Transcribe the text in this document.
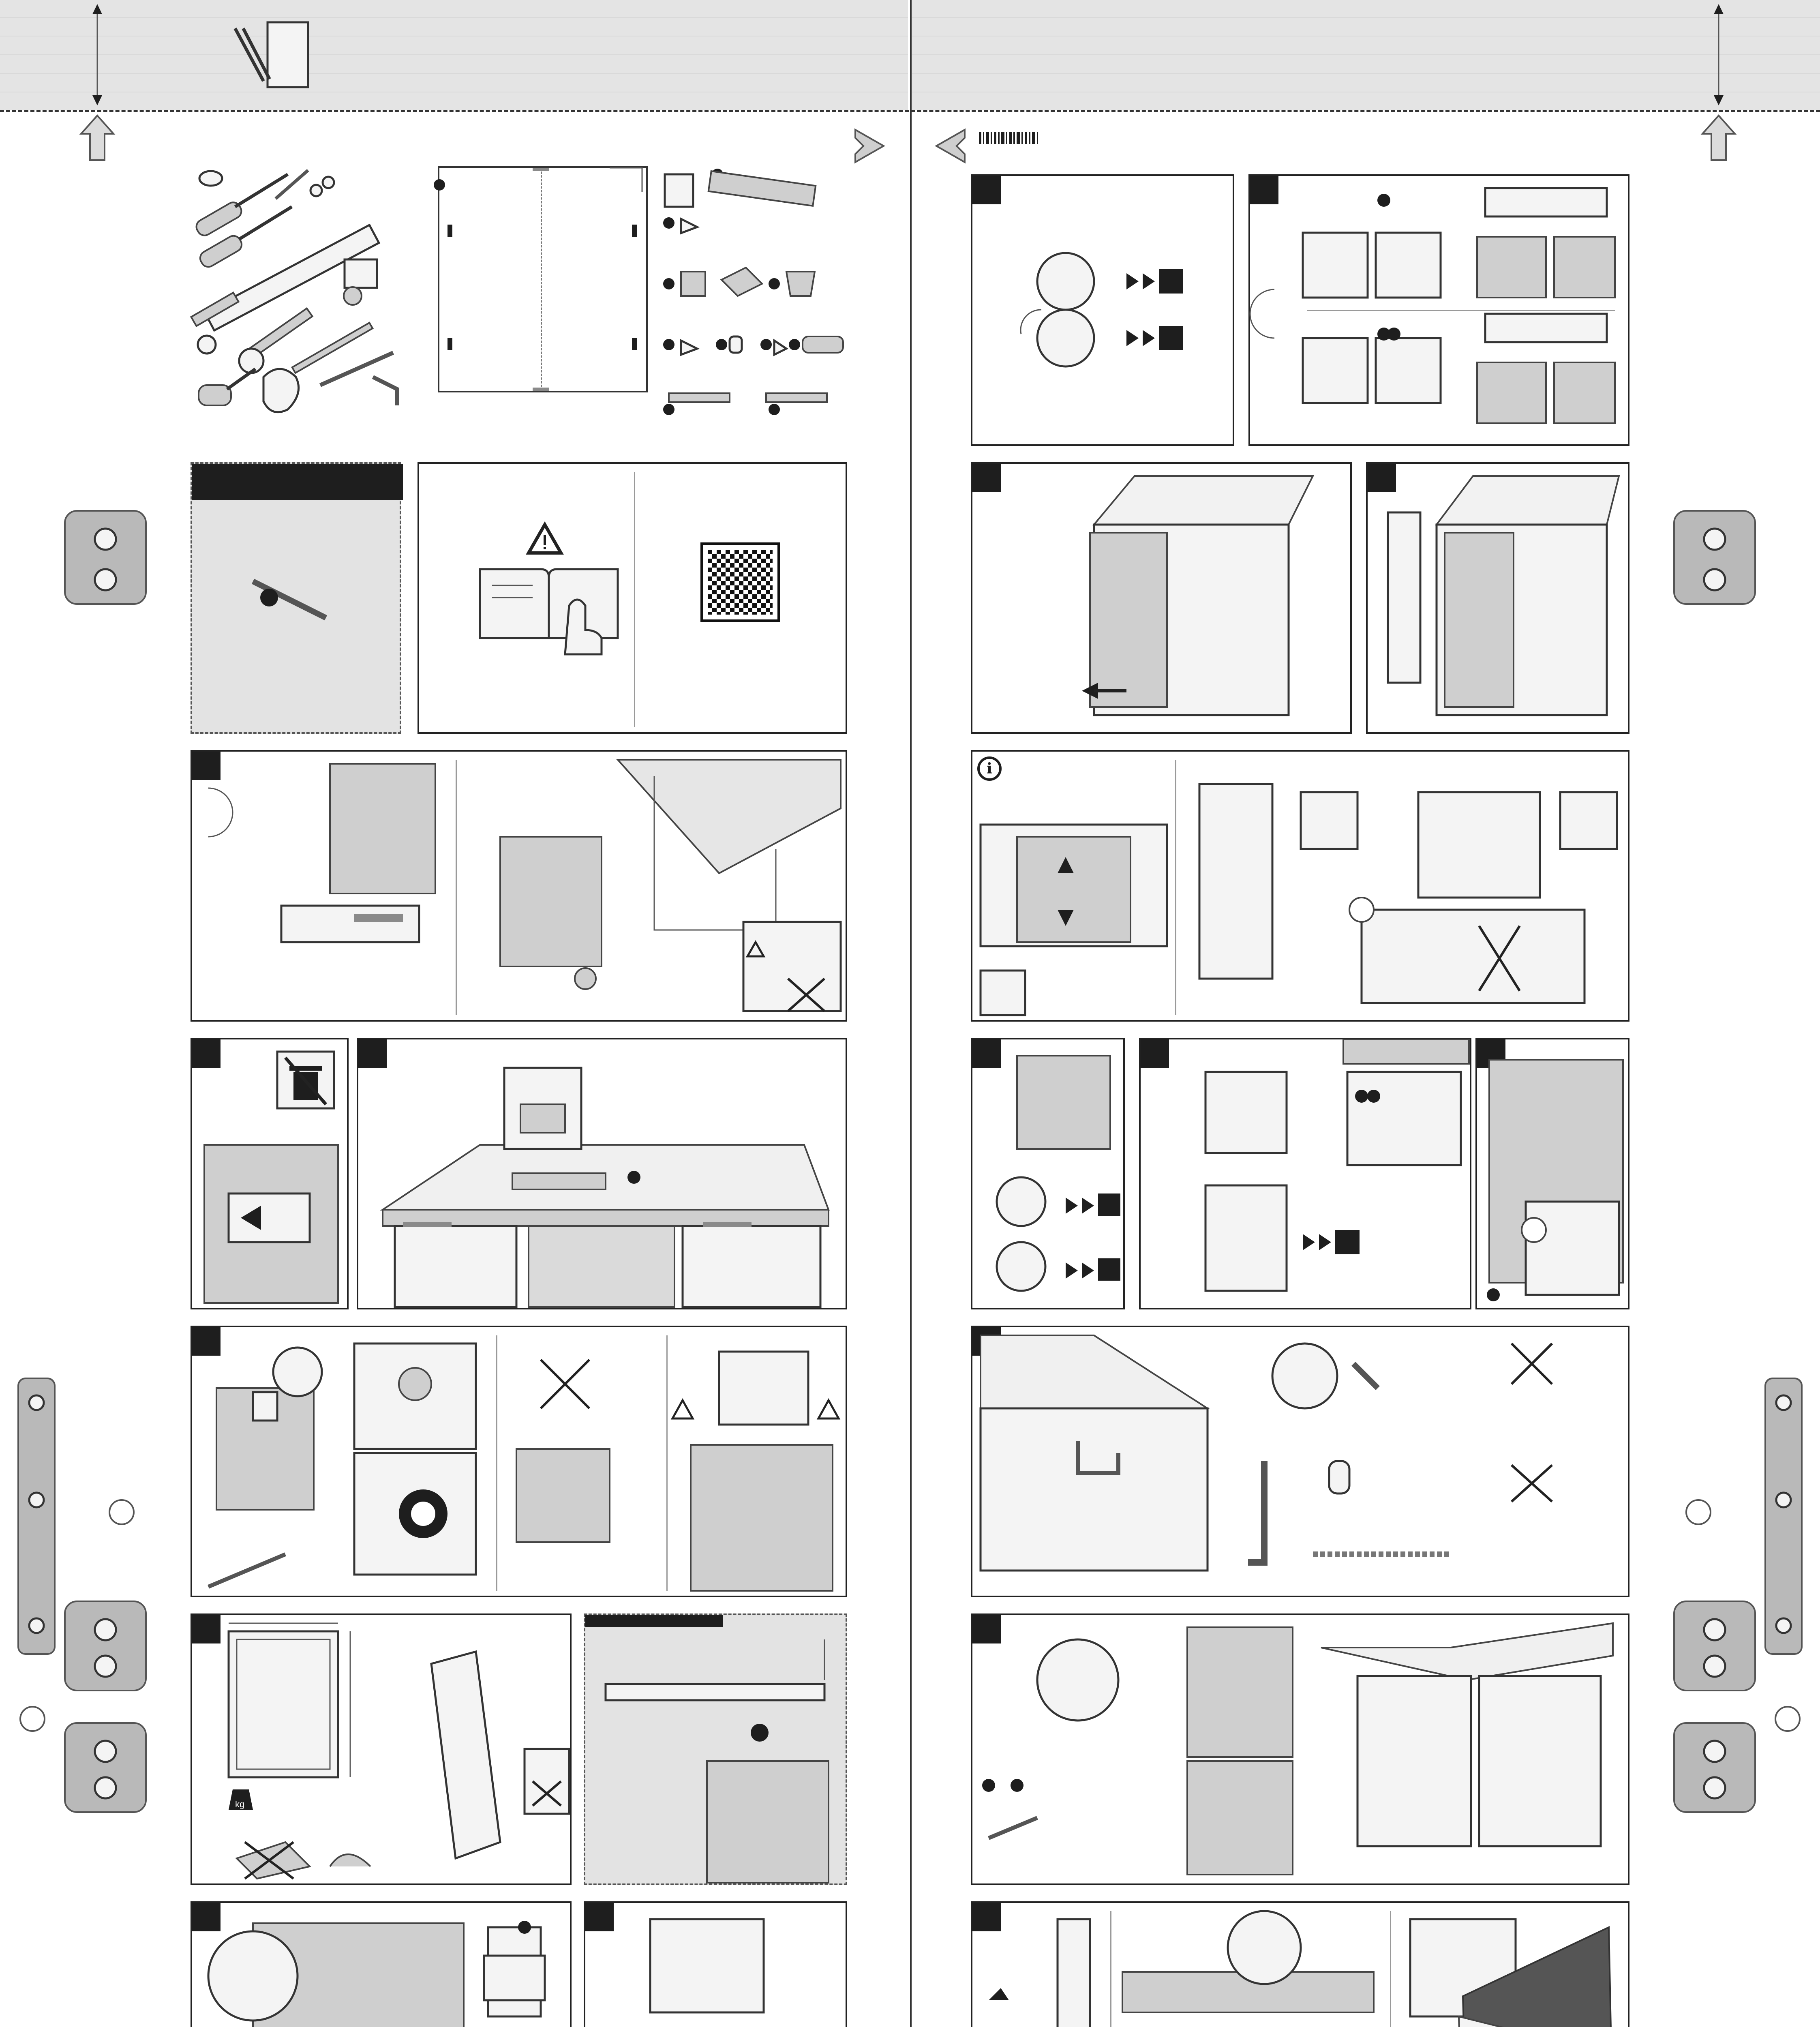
kg
i
